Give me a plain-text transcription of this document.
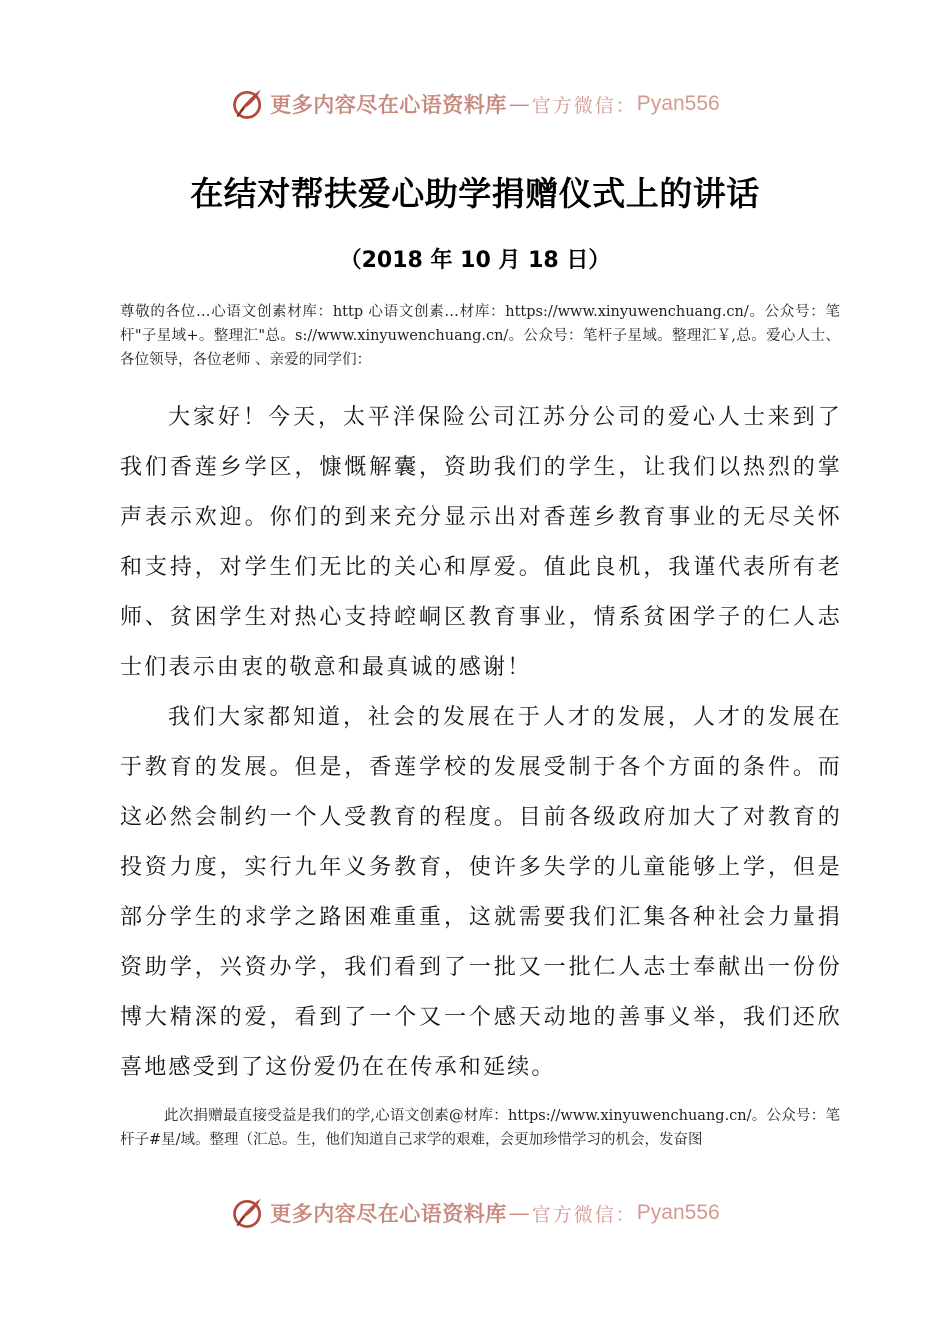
更多内容尽在心语资料库 — 官方微信： Pyan556
在结对帮扶爱心助学捐赠仪式上的讲话
（2018 年 10 月 18 日）
尊敬的各位…心语文创素材库：http 心语文创素…材库：https://www.xinyuwenchuang.cn/。公众号：笔杆"子星域+。整理汇"总。s://www.xinyuwenchuang.cn/。公众号：笔杆子星域。整理汇￥,总。爱心人士、各位领导，各位老师 、亲爱的同学们：
大家好！今天，太平洋保险公司江苏分公司的爱心人士来到了我们香莲乡学区，慷慨解囊，资助我们的学生，让我们以热烈的掌声表示欢迎。你们的到来充分显示出对香莲乡教育事业的无尽关怀和支持，对学生们无比的关心和厚爱。值此良机，我谨代表所有老师、贫困学生对热心支持崆峒区教育事业，情系贫困学子的仁人志士们表示由衷的敬意和最真诚的感谢！
我们大家都知道，社会的发展在于人才的发展，人才的发展在于教育的发展。但是，香莲学校的发展受制于各个方面的条件。而这必然会制约一个人受教育的程度。目前各级政府加大了对教育的投资力度，实行九年义务教育，使许多失学的儿童能够上学，但是部分学生的求学之路困难重重，这就需要我们汇集各种社会力量捐资助学，兴资办学，我们看到了一批又一批仁人志士奉献出一份份博大精深的爱，看到了一个又一个感天动地的善事义举，我们还欣喜地感受到了这份爱仍在在传承和延续。
此次捐赠最直接受益是我们的学,心语文创素@材库：https://www.xinyuwenchuang.cn/。公众号：笔杆子#星/域。整理（汇总。生，他们知道自己求学的艰难，会更加珍惜学习的机会，发奋图
更多内容尽在心语资料库 — 官方微信： Pyan556
